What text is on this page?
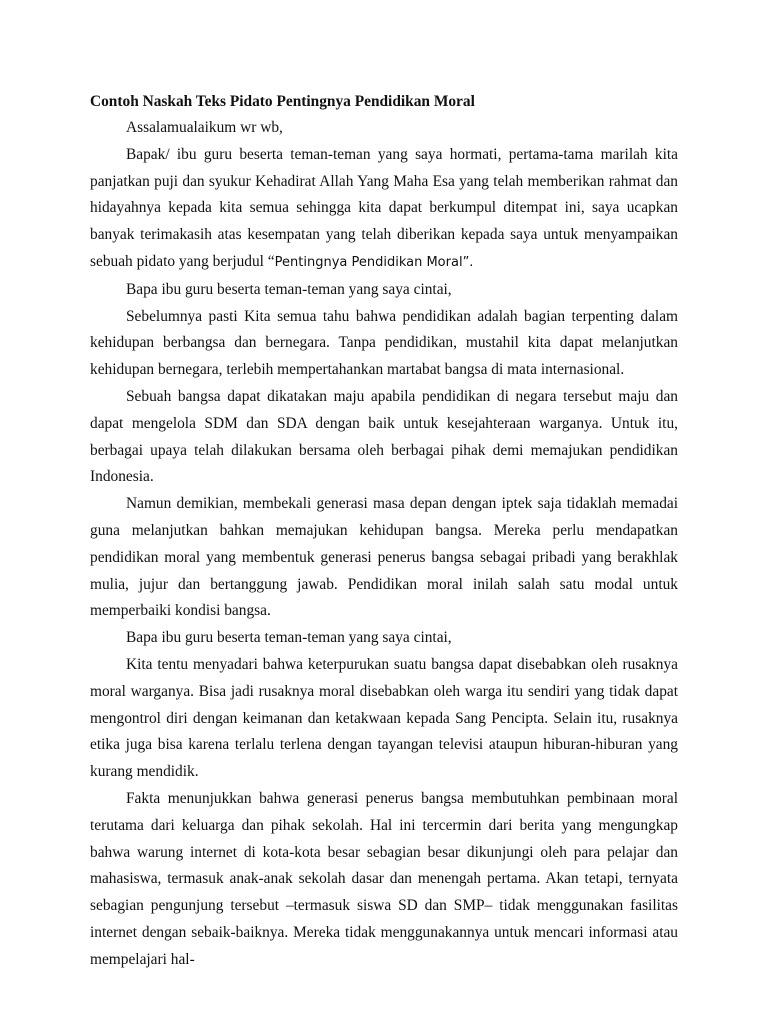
Contoh Naskah Teks Pidato Pentingnya Pendidikan Moral

Assalamualaikum wr wb,

Bapak/ ibu guru beserta teman-teman yang saya hormati, pertama-tama marilah kita panjatkan puji dan syukur Kehadirat Allah Yang Maha Esa yang telah memberikan rahmat dan hidayahnya kepada kita semua sehingga kita dapat berkumpul ditempat ini, saya ucapkan banyak terimakasih atas kesempatan yang telah diberikan kepada saya untuk menyampaikan sebuah pidato yang berjudul “Pentingnya Pendidikan Moral”.

Bapa ibu guru beserta teman-teman yang saya cintai,

Sebelumnya pasti Kita semua tahu bahwa pendidikan adalah bagian terpenting dalam kehidupan berbangsa dan bernegara. Tanpa pendidikan, mustahil kita dapat melanjutkan kehidupan bernegara, terlebih mempertahankan martabat bangsa di mata internasional.

Sebuah bangsa dapat dikatakan maju apabila pendidikan di negara tersebut maju dan dapat mengelola SDM dan SDA dengan baik untuk kesejahteraan warganya. Untuk itu, berbagai upaya telah dilakukan bersama oleh berbagai pihak demi memajukan pendidikan Indonesia.

Namun demikian, membekali generasi masa depan dengan iptek saja tidaklah memadai guna melanjutkan bahkan memajukan kehidupan bangsa. Mereka perlu mendapatkan pendidikan moral yang membentuk generasi penerus bangsa sebagai pribadi yang berakhlak mulia, jujur dan bertanggung jawab. Pendidikan moral inilah salah satu modal untuk memperbaiki kondisi bangsa.

Bapa ibu guru beserta teman-teman yang saya cintai,

Kita tentu menyadari bahwa keterpurukan suatu bangsa dapat disebabkan oleh rusaknya moral warganya. Bisa jadi rusaknya moral disebabkan oleh warga itu sendiri yang tidak dapat mengontrol diri dengan keimanan dan ketakwaan kepada Sang Pencipta. Selain itu, rusaknya etika juga bisa karena terlalu terlena dengan tayangan televisi ataupun hiburan-hiburan yang kurang mendidik.

Fakta menunjukkan bahwa generasi penerus bangsa membutuhkan pembinaan moral terutama dari keluarga dan pihak sekolah. Hal ini tercermin dari berita yang mengungkap bahwa warung internet di kota-kota besar sebagian besar dikunjungi oleh para pelajar dan mahasiswa, termasuk anak-anak sekolah dasar dan menengah pertama. Akan tetapi, ternyata sebagian pengunjung tersebut –termasuk siswa SD dan SMP– tidak menggunakan fasilitas internet dengan sebaik-baiknya. Mereka tidak menggunakannya untuk mencari informasi atau mempelajari hal-
